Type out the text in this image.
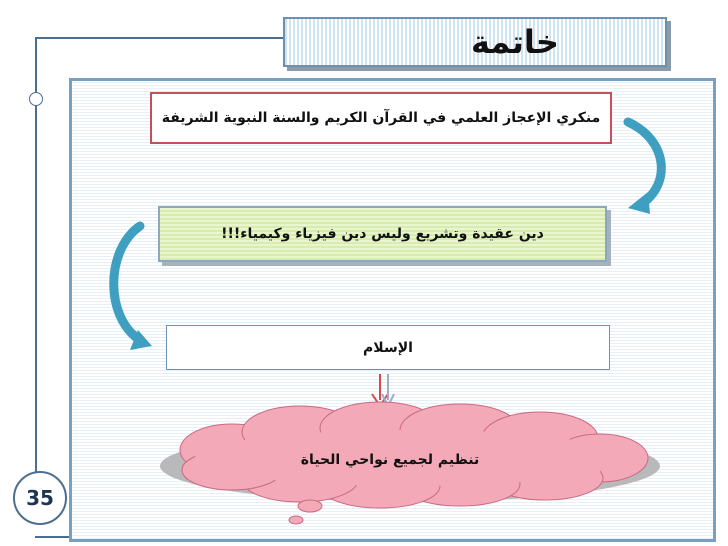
خاتمة
منكري الإعجاز العلمي في القرآن الكريم والسنة النبوية الشريفة
دين عقيدة وتشريع وليس دين فيزياء وكيمياء!!!
الإسلام
تنظيم لجميع نواحي الحياة
35
